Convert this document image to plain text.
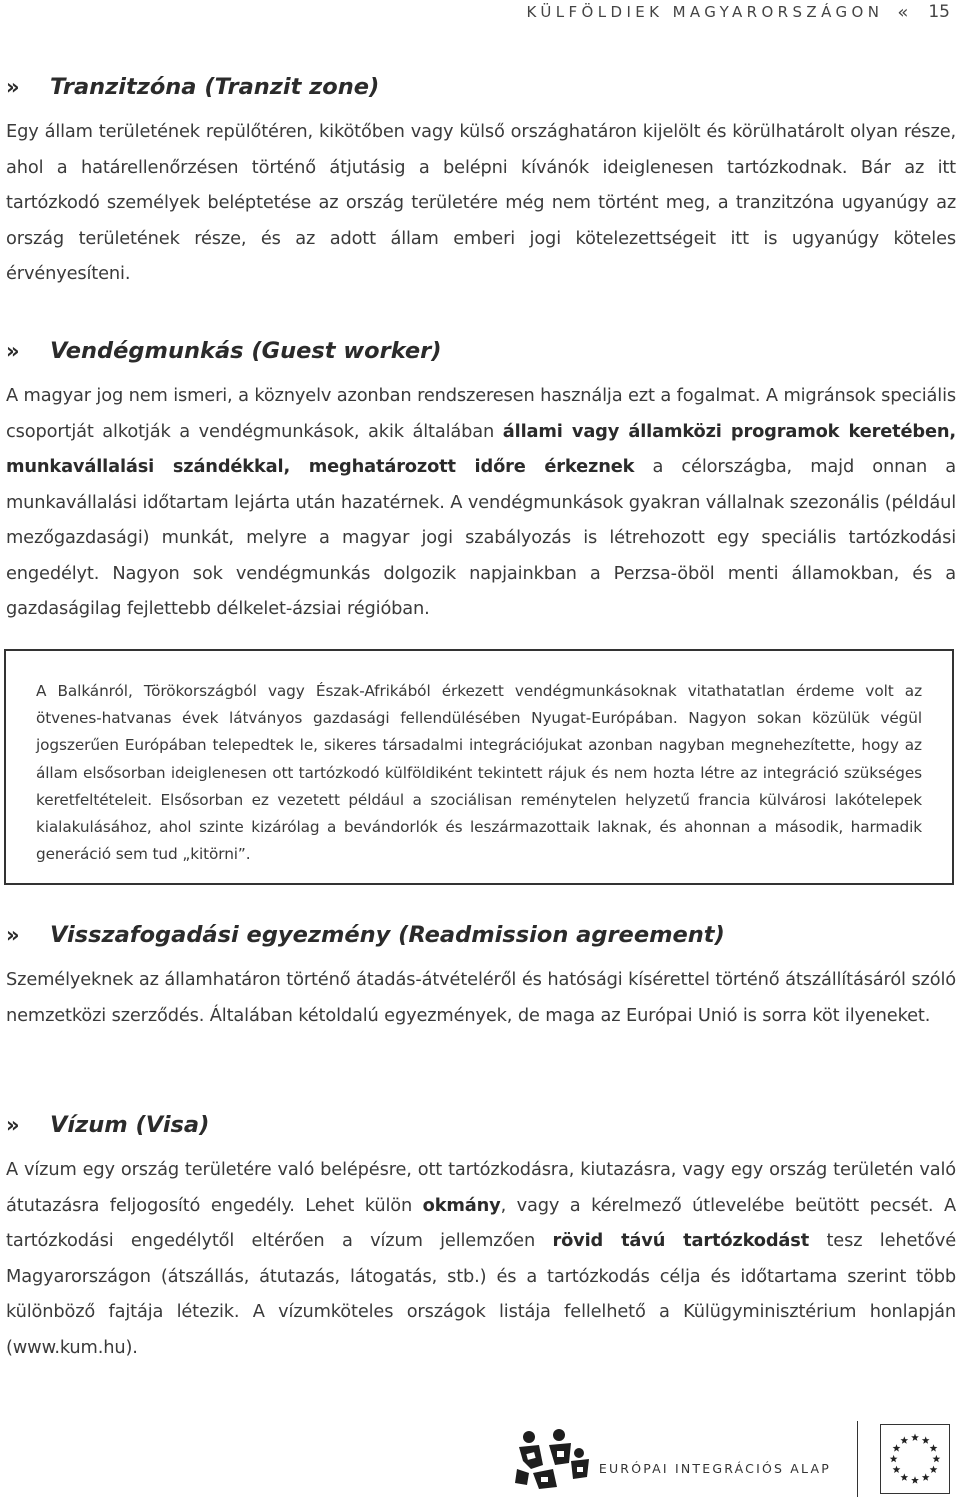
KÜLFÖLDIEK MAGYARORSZÁGON « 15
»	Tranzitzóna (Tranzit zone)

Egy állam területének repülőtéren, kikötőben vagy külső országhatáron kijelölt és körülhatárolt olyan része, ahol a határellenőrzésen történő átjutásig a belépni kívánók ideiglenesen tartózkodnak. Bár az itt tartózkodó személyek beléptetése az ország területére még nem történt meg, a tranzitzóna ugyanúgy az ország területének része, és az adott állam emberi jogi kötelezettségeit itt is ugyanúgy köteles érvényesíteni.

»	Vendégmunkás (Guest worker)

A magyar jog nem ismeri, a köznyelv azonban rendszeresen használja ezt a fogalmat. A migránsok speciális csoportját alkotják a vendégmunkások, akik általában állami vagy államközi programok keretében, munkavállalási szándékkal, meghatározott időre érkeznek a célországba, majd onnan a munkavállalási időtartam lejárta után hazatérnek. A vendégmunkások gyakran vállalnak szezonális (például mezőgazdasági) munkát, melyre a magyar jogi szabályozás is létrehozott egy speciális tartózkodási engedélyt. Nagyon sok vendégmunkás dolgozik napjainkban a Perzsa-öböl menti államokban, és a gazdaságilag fejlettebb délkelet-ázsiai régióban.

A Balkánról, Törökországból vagy Észak-Afrikából érkezett vendégmunkásoknak vitathatatlan érdeme volt az ötvenes-hatvanas évek látványos gazdasági fellendülésében Nyugat-Európában. Nagyon sokan közülük végül jogszerűen Európában telepedtek le, sikeres társadalmi integrációjukat azonban nagyban megnehezítette, hogy az állam elsősorban ideiglenesen ott tartózkodó külföldiként tekintett rájuk és nem hozta létre az integráció szükséges keretfeltételeit. Elsősorban ez vezetett például a szociálisan reménytelen helyzetű francia külvárosi lakótelepek kialakulásához, ahol szinte kizárólag a bevándorlók és leszármazottaik laknak, és ahonnan a második, harmadik generáció sem tud „kitörni”.
»	Visszafogadási egyezmény (Readmission agreement)

Személyeknek az államhatáron történő átadás-átvételéről és hatósági kísérettel történő átszállításáról szóló nemzetközi szerződés. Általában kétoldalú egyezmények, de maga az Európai Unió is sorra köt ilyeneket.

»	Vízum (Visa)

A vízum egy ország területére való belépésre, ott tartózkodásra, kiutazásra, vagy egy ország területén való átutazásra feljogosító engedély. Lehet külön okmány, vagy a kérelmező útlevelébe beütött pecsét. A tartózkodási engedélytől eltérően a vízum jellemzően rövid távú tartózkodást tesz lehetővé Magyarországon (átszállás, átutazás, látogatás, stb.) és a tartózkodás célja és időtartama szerint több különböző fajtája létezik. A vízumköteles országok listája fellelhető a Külügyminisztérium honlapján (www.kum.hu).

EURÓPAI INTEGRÁCIÓS ALAP
